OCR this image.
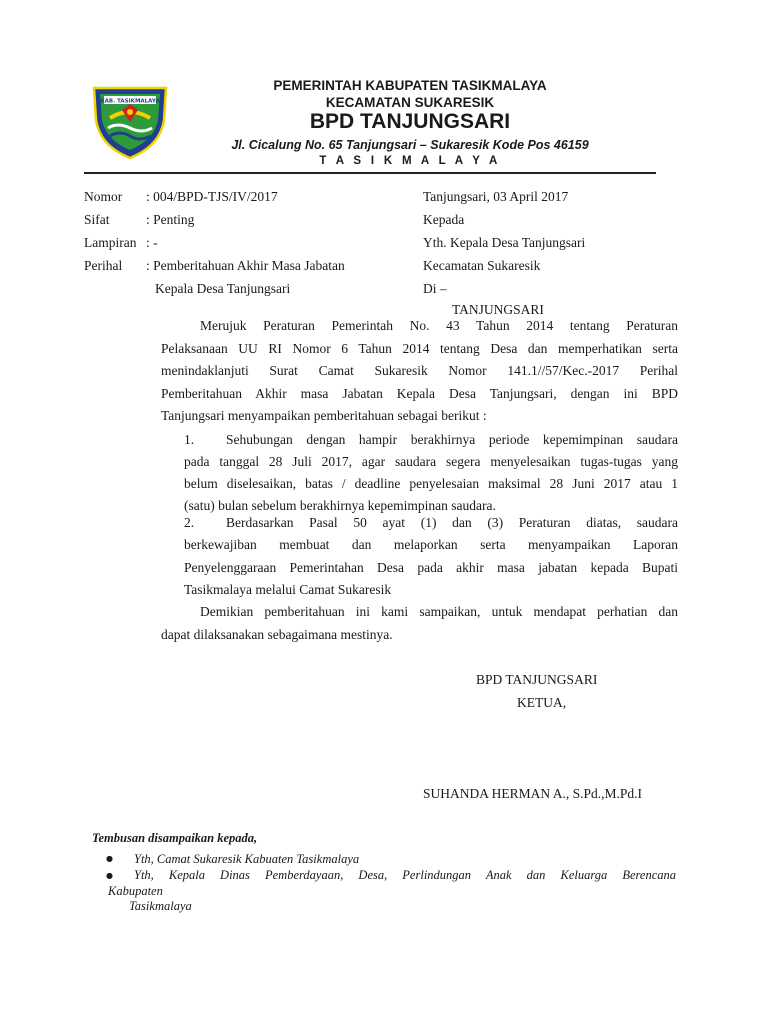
KAB. TASIKMALAYA
PEMERINTAH KABUPATEN TASIKMALAYA
KECAMATAN SUKARESIK
BPD TANJUNGSARI
Jl. Cicalung No. 65 Tanjungsari – Sukaresik Kode Pos 46159
T A S I K M A L A Y A
Nomor : 004/BPD-TJS/IV/2017
Sifat	: Penting
Lampiran : -
Perihal : Pemberitahuan Akhir Masa Jabatan
Kepala Desa Tanjungsari
Tanjungsari, 03 April 2017
Kepada
Yth. Kepala Desa Tanjungsari
Kecamatan Sukaresik
Di –
TANJUNGSARI
Merujuk Peraturan Pemerintah No. 43 Tahun 2014 tentang Peraturan
Pelaksanaan UU RI Nomor 6 Tahun 2014 tentang Desa dan memperhatikan serta
menindaklanjuti Surat Camat Sukaresik Nomor 141.1//57/Kec.-2017 Perihal
Pemberitahuan Akhir masa Jabatan Kepala Desa Tanjungsari, dengan ini BPD
Tanjungsari menyampaikan pemberitahuan sebagai berikut :
1. Sehubungan dengan hampir berakhirnya periode kepemimpinan saudara
pada tanggal 28 Juli 2017, agar saudara segera menyelesaikan tugas-tugas yang
belum diselesaikan, batas / deadline penyelesaian maksimal 28 Juni 2017 atau 1
(satu) bulan sebelum berakhirnya kepemimpinan saudara.
2. Berdasarkan Pasal 50 ayat (1) dan (3) Peraturan diatas, saudara
berkewajiban membuat dan melaporkan serta menyampaikan Laporan
Penyelenggaraan Pemerintahan Desa pada akhir masa jabatan kepada Bupati
Tasikmalaya melalui Camat Sukaresik
Demikian pemberitahuan ini kami sampaikan, untuk mendapat perhatian dan
dapat dilaksanakan sebagaimana mestinya.
BPD TANJUNGSARI
KETUA,
SUHANDA HERMAN A., S.Pd.,M.Pd.I
Tembusan disampaikan kepada,
● Yth, Camat Sukaresik Kabuaten Tasikmalaya
● Yth, Kepala Dinas Pemberdayaan, Desa, Perlindungan Anak dan Keluarga Berencana
Kabupaten
Tasikmalaya
